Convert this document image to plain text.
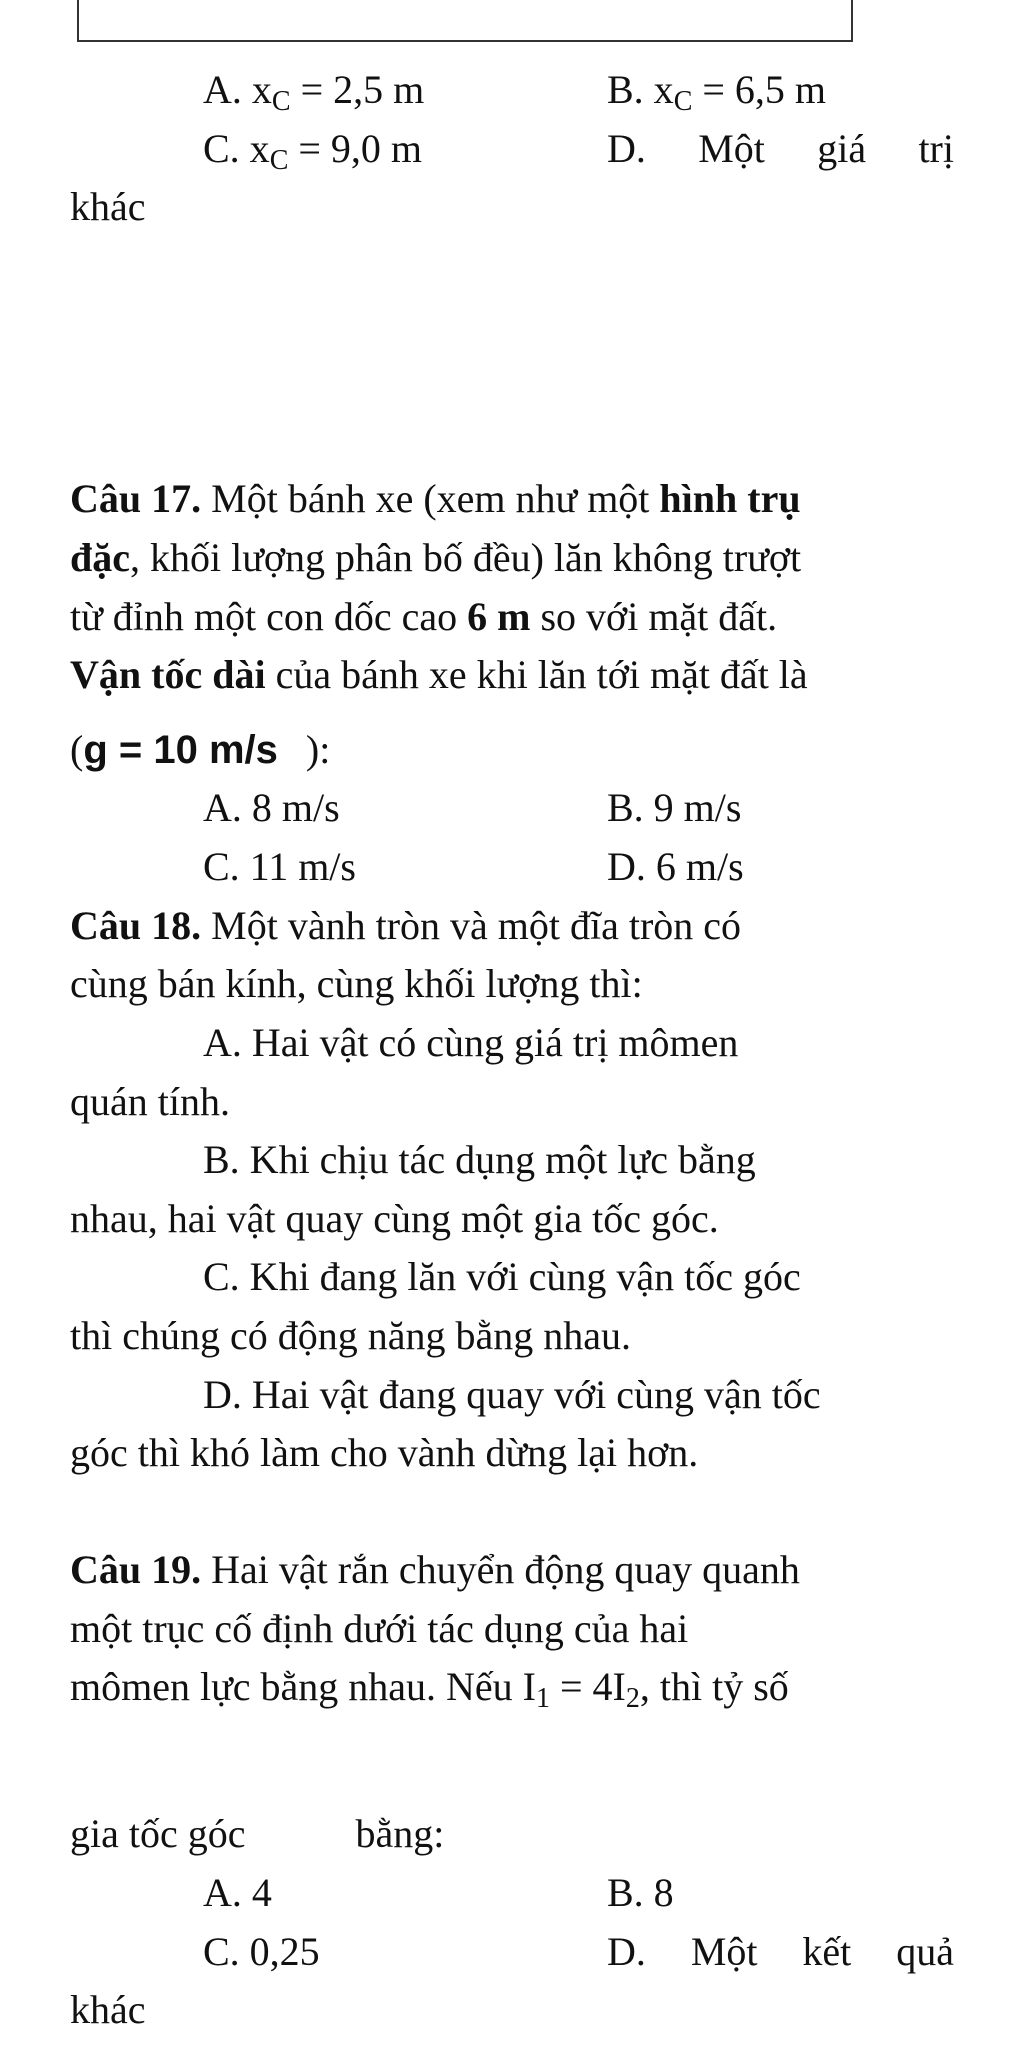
A. $x_C = 2,5$ m	B. $x_C = 6,5$ m
C. $x_C = 9,0$ m	D. Một giá trị
khác
Câu 17. Một bánh xe (xem như một hình trụ
đặc, khối lượng phân bố đều) lăn không trượt
từ đỉnh một con dốc cao 6 m so với mặt đất.
Vận tốc dài của bánh xe khi lăn tới mặt đất là
(g = 10 m/s ):
A. 8 m/s	B. 9 m/s
C. 11 m/s	D. 6 m/s
Câu 18. Một vành tròn và một đĩa tròn có
cùng bán kính, cùng khối lượng thì:
A. Hai vật có cùng giá trị mômen
quán tính.
B. Khi chịu tác dụng một lực bằng
nhau, hai vật quay cùng một gia tốc góc.
C. Khi đang lăn với cùng vận tốc góc
thì chúng có động năng bằng nhau.
D. Hai vật đang quay với cùng vận tốc
góc thì khó làm cho vành dừng lại hơn.
Câu 19. Hai vật rắn chuyển động quay quanh
một trục cố định dưới tác dụng của hai
mômen lực bằng nhau. Nếu $I_1 = 4I_2$, thì tỷ số
gia tốc góc	bằng:
A. 4	B. 8
C. 0,25	D. Một kết quả
khác
